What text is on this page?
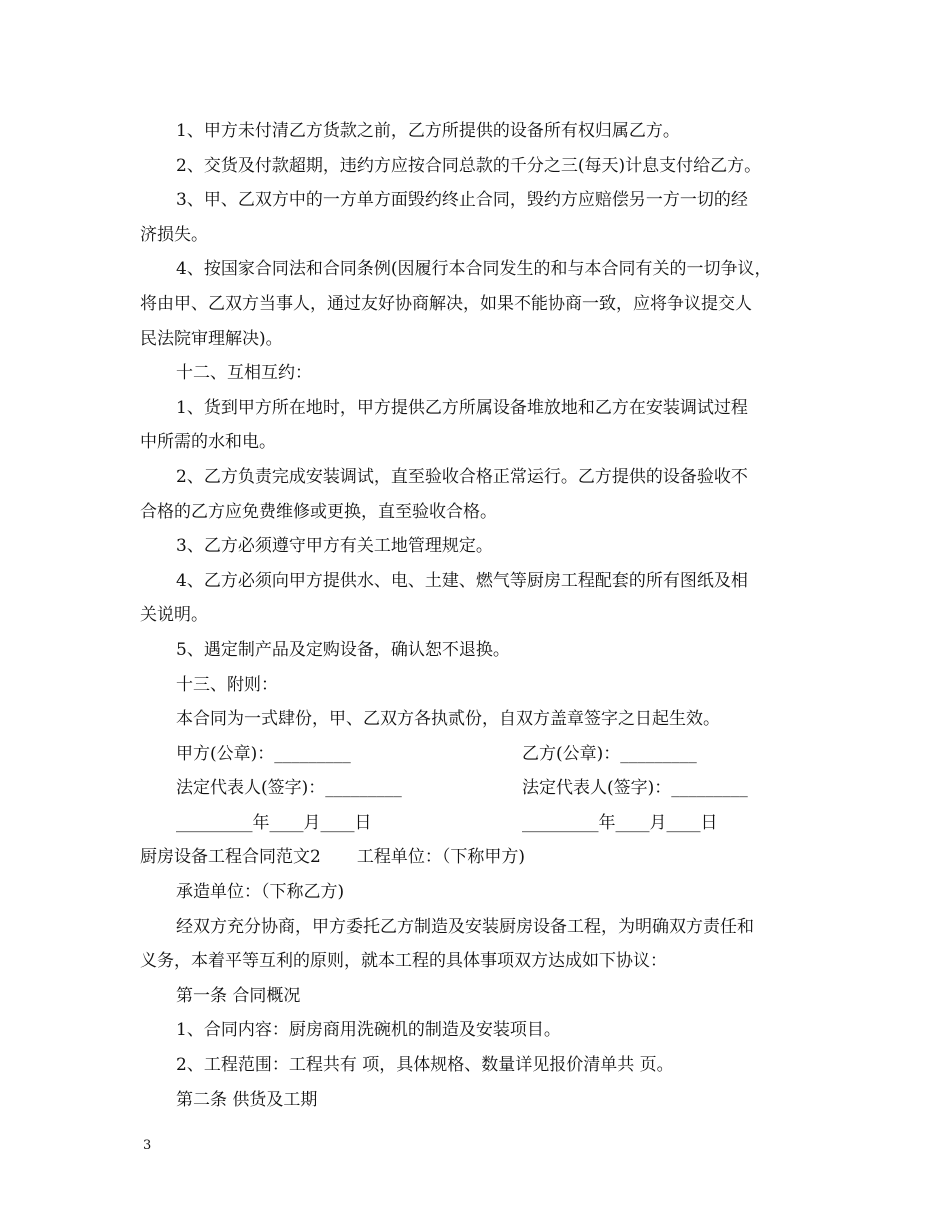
1、甲方未付清乙方货款之前，乙方所提供的设备所有权归属乙方。

2、交货及付款超期，违约方应按合同总款的千分之三(每天)计息支付给乙方。

3、甲、乙双方中的一方单方面毁约终止合同，毁约方应赔偿另一方一切的经

济损失。

4、按国家合同法和合同条例(因履行本合同发生的和与本合同有关的一切争议，

将由甲、乙双方当事人，通过友好协商解决，如果不能协商一致，应将争议提交人

民法院审理解决)。

十二、互相互约：

1、货到甲方所在地时，甲方提供乙方所属设备堆放地和乙方在安装调试过程

中所需的水和电。

2、乙方负责完成安装调试，直至验收合格正常运行。乙方提供的设备验收不

合格的乙方应免费维修或更换，直至验收合格。

3、乙方必须遵守甲方有关工地管理规定。

4、乙方必须向甲方提供水、电、土建、燃气等厨房工程配套的所有图纸及相

关说明。

5、遇定制产品及定购设备，确认恕不退换。

十三、附则：

本合同为一式肆份，甲、乙双方各执贰份，自双方盖章签字之日起生效。

甲方(公章)：_________	乙方(公章)：_________
法定代表人(签字)：_________	法定代表人(签字)：_________
_________年____月____日	_________年____月____日

厨房设备工程合同范文2 工程单位：（下称甲方)

承造单位：（下称乙方)

经双方充分协商，甲方委托乙方制造及安装厨房设备工程，为明确双方责任和

义务，本着平等互利的原则，就本工程的具体事项双方达成如下协议：

第一条 合同概况

1、合同内容：厨房商用洗碗机的制造及安装项目。

2、工程范围：工程共有 项，具体规格、数量详见报价清单共 页。

第二条 供货及工期

3
